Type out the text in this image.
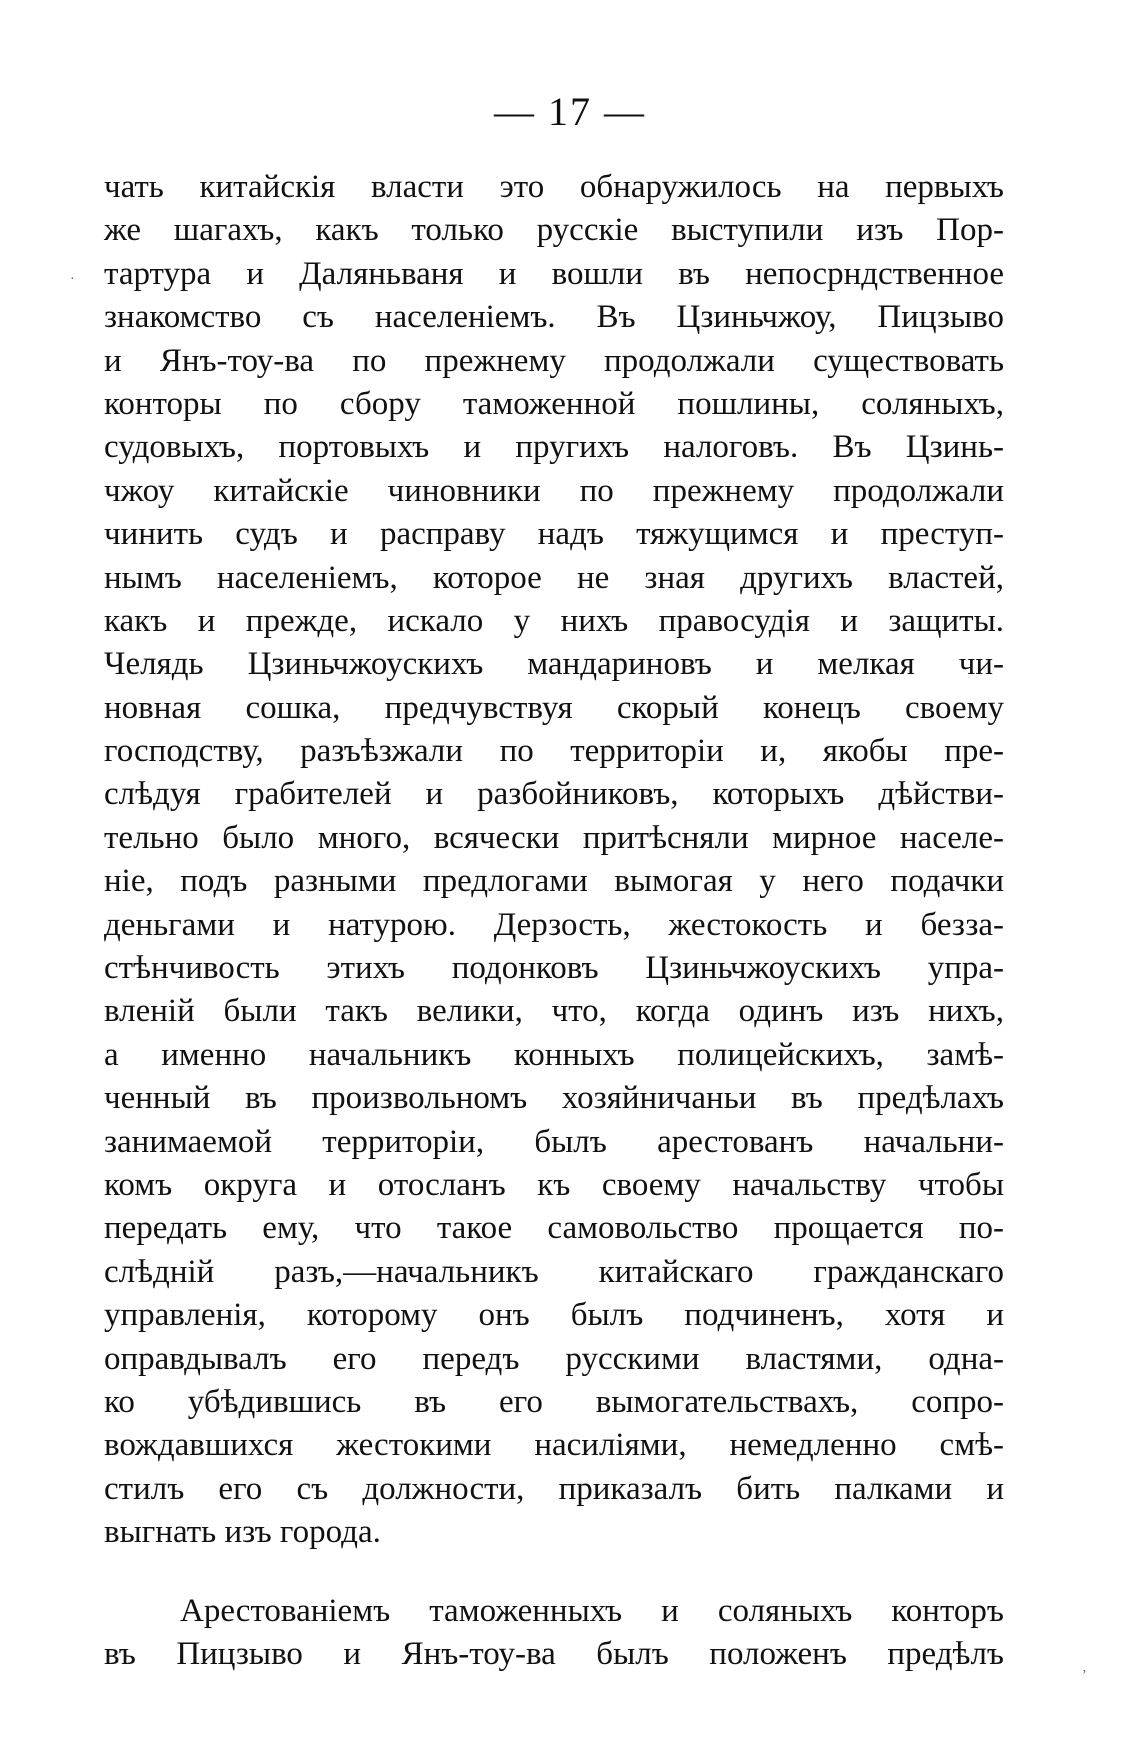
— 17 —
чать китайскія власти это обнаружилось на первыхъ
же шагахъ, какъ только русскіе выступили изъ Пор-
тартура и Даляньваня и вошли въ непосрндственное
знакомство съ населеніемъ. Въ Цзиньчжоу, Пицзыво
и Янъ-тоу-ва по прежнему продолжали существовать
конторы по сбору таможенной пошлины, соляныхъ,
судовыхъ, портовыхъ и пругихъ налоговъ. Въ Цзинь-
чжоу китайскіе чиновники по прежнему продолжали
чинить судъ и расправу надъ тяжущимся и преступ-
нымъ населеніемъ, которое не зная другихъ властей,
какъ и прежде, искало у нихъ правосудія и защиты.
Челядь Цзиньчжоускихъ мандариновъ и мелкая чи-
новная сошка, предчувствуя скорый конецъ своему
господству, разъѣзжали по территоріи и, якобы пре-
слѣдуя грабителей и разбойниковъ, которыхъ дѣйстви-
тельно было много, всячески притѣсняли мирное населе-
ніе, подъ разными предлогами вымогая у него подачки
деньгами и натурою. Дерзость, жестокость и безза-
стѣнчивость этихъ подонковъ Цзиньчжоускихъ упра-
вленій были такъ велики, что, когда одинъ изъ нихъ,
а именно начальникъ конныхъ полицейскихъ, замѣ-
ченный въ произвольномъ хозяйничаньи въ предѣлахъ
занимаемой территоріи, былъ арестованъ начальни-
комъ округа и отосланъ къ своему начальству чтобы
передать ему, что такое самовольство прощается по-
слѣдній разъ,—начальникъ китайскаго гражданскаго
управленія, которому онъ былъ подчиненъ, хотя и
оправдывалъ его передъ русскими властями, одна-
ко убѣдившись въ его вымогательствахъ, сопро-
вождавшихся жестокими насиліями, немедленно смѣ-
стилъ его съ должности, приказалъ бить палками и
выгнать изъ города.
Арестованіемъ таможенныхъ и соляныхъ конторъ
въ Пицзыво и Янъ-тоу-ва былъ положенъ предѣлъ
·
ʼ
